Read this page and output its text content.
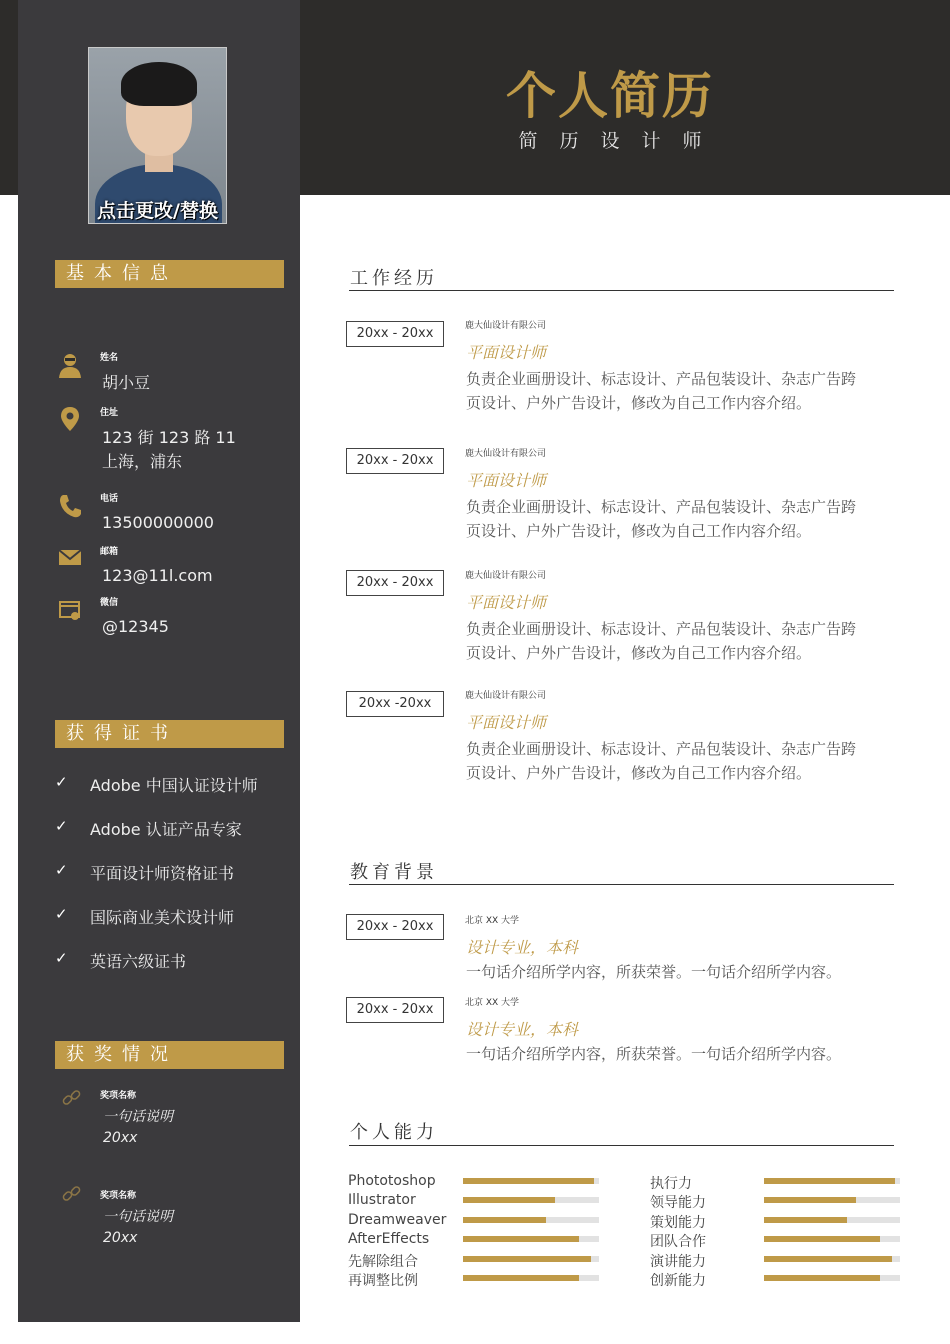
个人简历
简历设计师
点击更改/替换
基本信息
姓名
胡小豆
住址
123 街 123 路 11
上海，浦东
电话
13500000000
邮箱
123@11l.com
微信
@12345
获得证书
✓ Adobe 中国认证设计师
✓ Adobe 认证产品专家
✓ 平面设计师资格证书
✓ 国际商业美术设计师
✓ 英语六级证书
获奖情况
奖项名称
一句话说明
20xx
奖项名称
一句话说明
20xx
工作经历
20xx - 20xx	鹿大仙设计有限公司
平面设计师
负责企业画册设计、标志设计、产品包装设计、杂志广告跨
页设计、户外广告设计，修改为自己工作内容介绍。
20xx - 20xx	鹿大仙设计有限公司
平面设计师
负责企业画册设计、标志设计、产品包装设计、杂志广告跨
页设计、户外广告设计，修改为自己工作内容介绍。
20xx - 20xx	鹿大仙设计有限公司
平面设计师
负责企业画册设计、标志设计、产品包装设计、杂志广告跨
页设计、户外广告设计，修改为自己工作内容介绍。
20xx -20xx	鹿大仙设计有限公司
平面设计师
负责企业画册设计、标志设计、产品包装设计、杂志广告跨
页设计、户外广告设计，修改为自己工作内容介绍。
教育背景
20xx - 20xx	北京 XX 大学
设计专业，本科
一句话介绍所学内容，所获荣誉。一句话介绍所学内容。
20xx - 20xx	北京 XX 大学
设计专业，本科
一句话介绍所学内容，所获荣誉。一句话介绍所学内容。
个人能力
Phototoshop
Illustrator
Dreamweaver
AfterEffects
先解除组合
再调整比例
执行力
领导能力
策划能力
团队合作
演讲能力
创新能力
